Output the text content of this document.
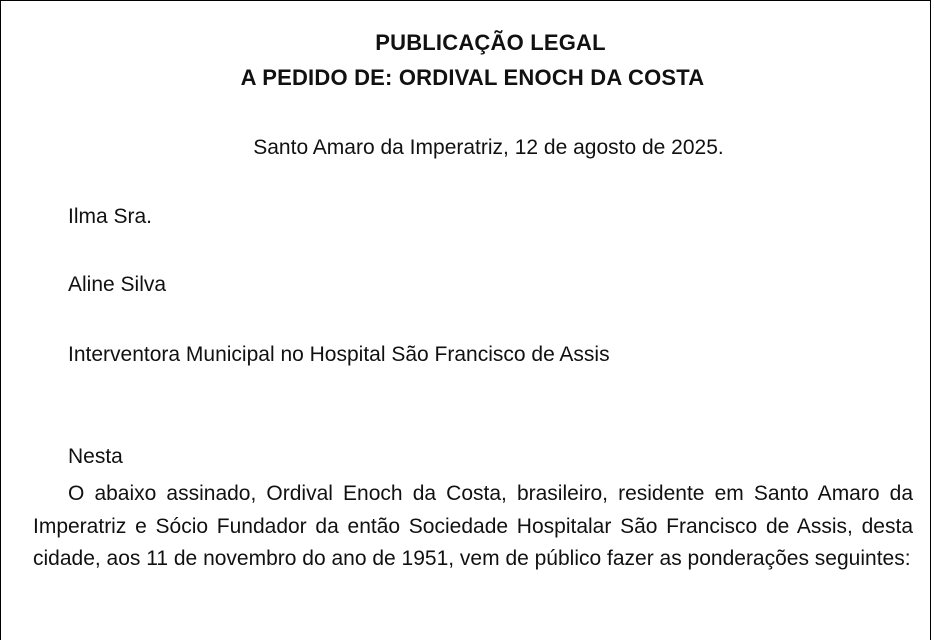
PUBLICAÇÃO LEGAL
A PEDIDO DE: ORDIVAL ENOCH DA COSTA
Santo Amaro da Imperatriz, 12 de agosto de 2025.
Ilma Sra.
Aline Silva
Interventora Municipal no Hospital São Francisco de Assis
Nesta
O abaixo assinado, Ordival Enoch da Costa, brasileiro, residente em Santo Amaro da Imperatriz e Sócio Fundador da então Sociedade Hospitalar São Francisco de Assis, desta cidade, aos 11 de novembro do ano de 1951, vem de público fazer as ponderações seguintes:
